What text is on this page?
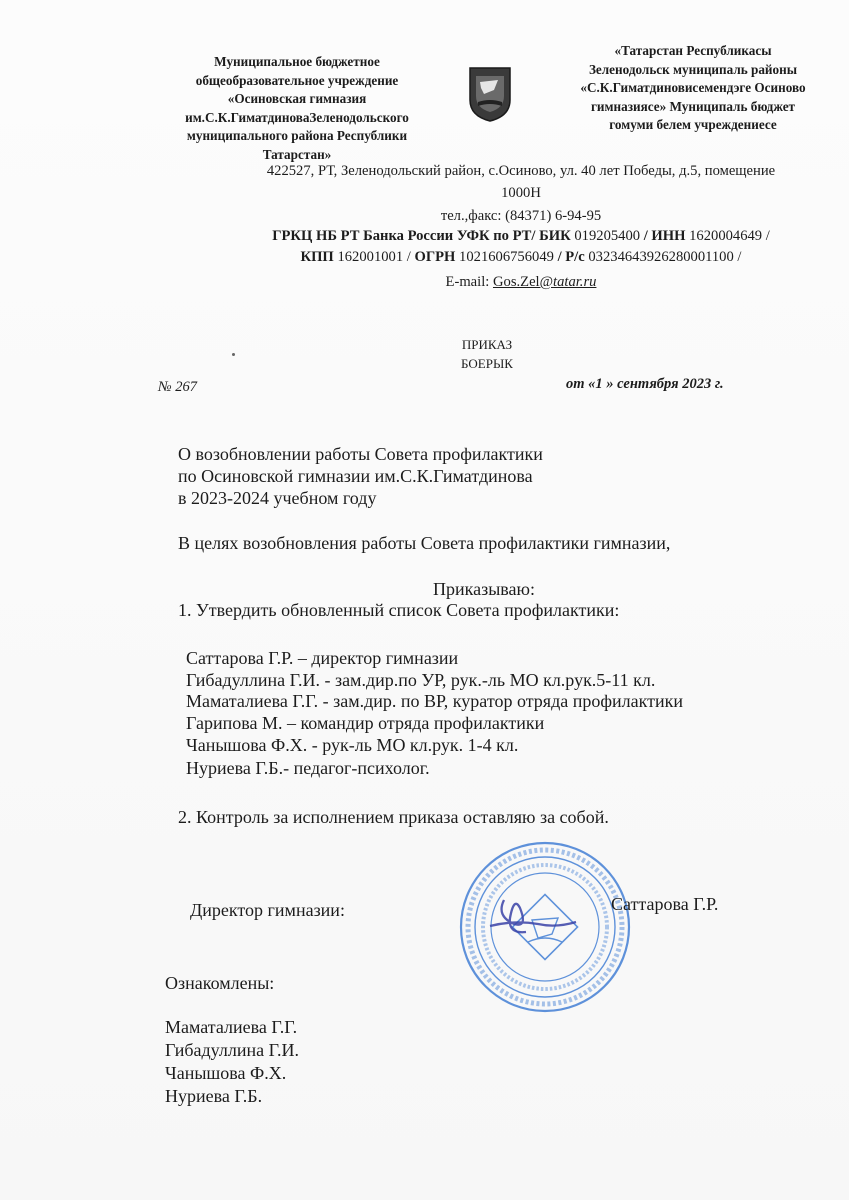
Муниципальное бюджетное
общеобразовательное учреждение
«Осиновская гимназия
им.С.К.ГиматдиноваЗеленодольского
муниципального района Республики
Татарстан»
«Татарстан Республикасы
Зеленодольск муниципаль районы
«С.К.Гиматдиновисемендэге Осиново
гимназиясе» Муниципаль бюджет
гомуми белем учреждениесе
422527, РТ, Зеленодольский район, с.Осиново, ул. 40 лет Победы, д.5, помещение
1000Н
тел.,факс: (84371) 6-94-95
ГРКЦ НБ РТ Банка России УФК по РТ/ БИК 019205400 / ИНН 1620004649 /
КПП 162001001 / ОГРН 1021606756049 / Р/с 03234643926280001100 /
E-mail: Gos.Zel@tatar.ru
ПРИКАЗ
БОЕРЫК
№ 267	от «1 » сентября 2023 г.
О возобновлении работы Совета профилактики
по Осиновской гимназии им.С.К.Гиматдинова
в 2023-2024 учебном году
В целях возобновления работы Совета профилактики гимназии,
Приказываю:
1. Утвердить обновленный список Совета профилактики:
Саттарова Г.Р. – директор гимназии
Гибадуллина Г.И. - зам.дир.по УР, рук.-ль МО кл.рук.5-11 кл.
Маматалиева Г.Г. - зам.дир. по ВР, куратор отряда профилактики
Гарипова М. – командир отряда профилактики
Чанышова Ф.Х. - рук-ль МО кл.рук. 1-4 кл.
Нуриева Г.Б.- педагог-психолог.
2. Контроль за исполнением приказа оставляю за собой.
Директор гимназии:	Саттарова Г.Р.
Ознакомлены:
Маматалиева Г.Г.
Гибадуллина Г.И.
Чанышова Ф.Х.
Нуриева Г.Б.
